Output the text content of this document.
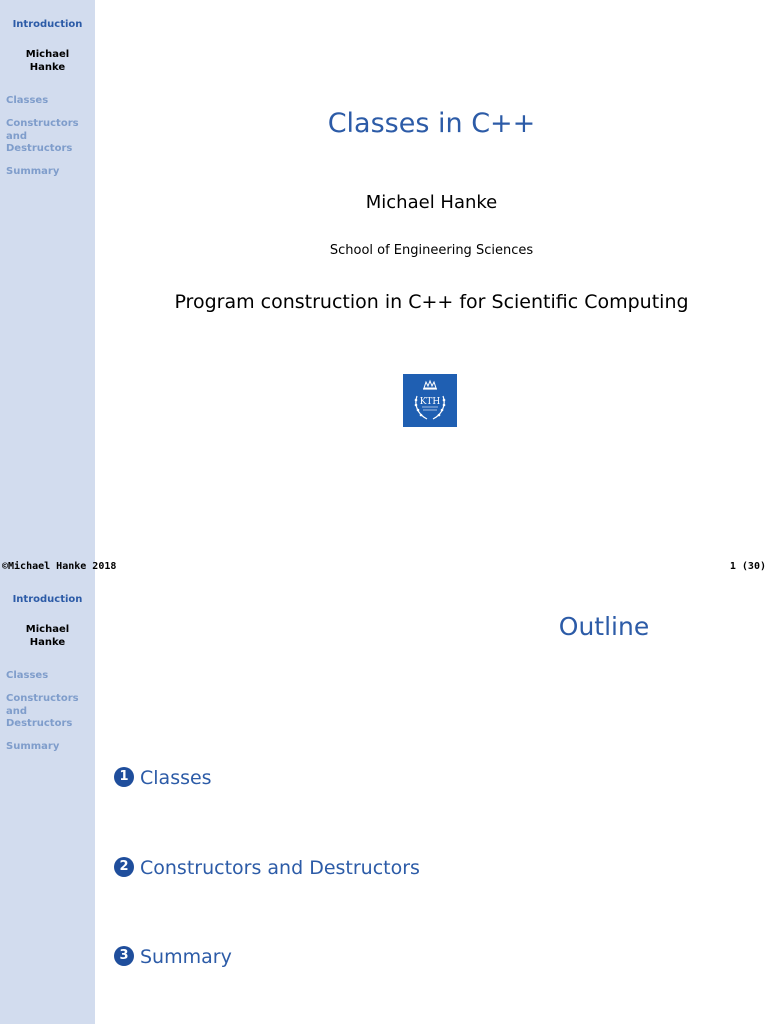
Introduction
Michael
Hanke
Classes
Constructors and Destructors
Summary
Classes in C++
Michael Hanke
School of Engineering Sciences
Program construction in C++ for Scientific Computing
KTH
©Michael Hanke 2018	1 (30)
Introduction
Michael
Hanke
Classes
Constructors and Destructors
Summary
Outline
1 Classes
2 Constructors and Destructors
3 Summary
